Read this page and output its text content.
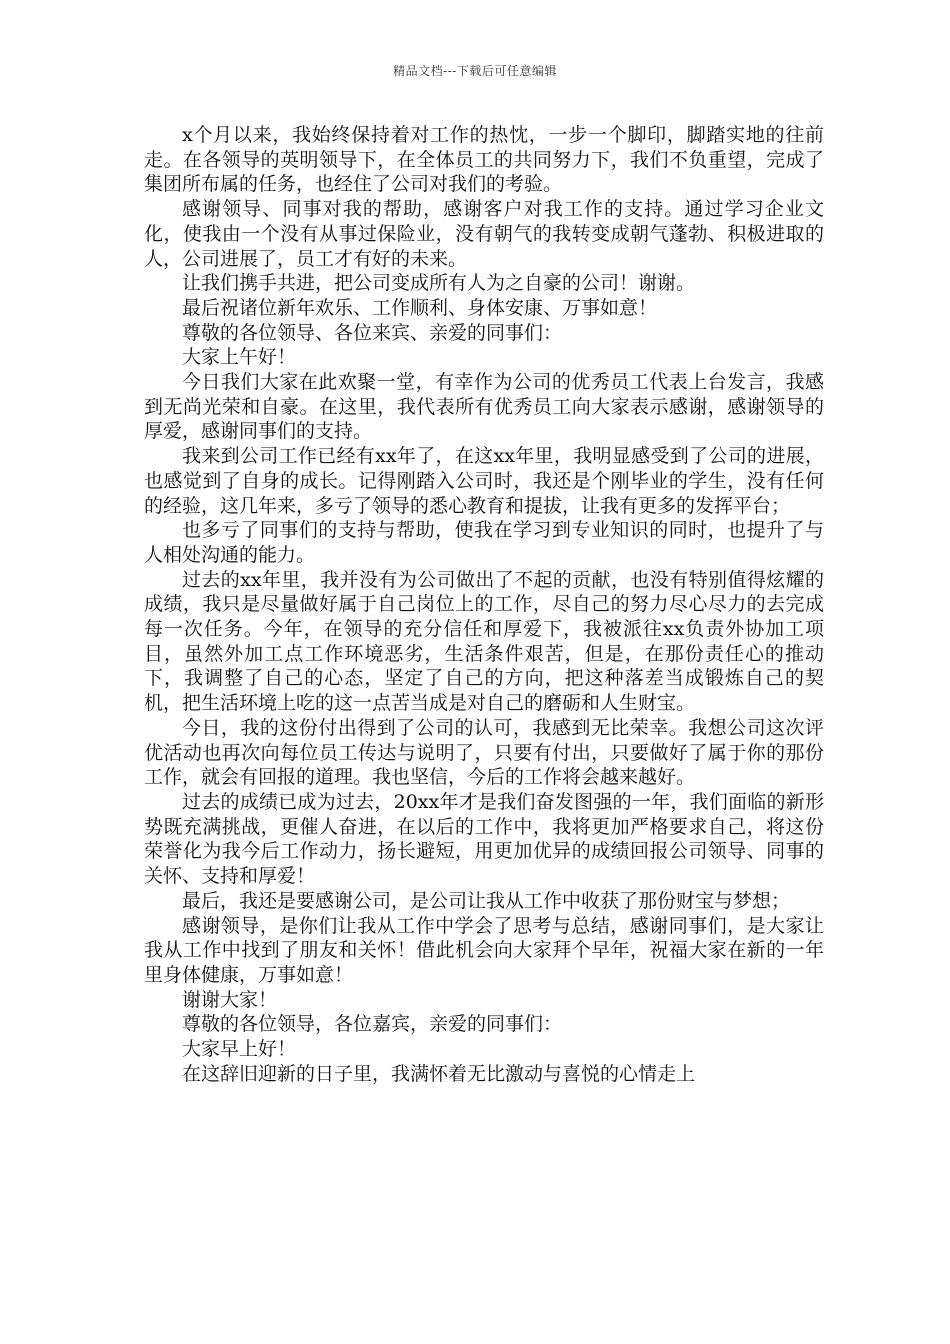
精品文档---下载后可任意编辑

x个月以来，我始终保持着对工作的热忱，一步一个脚印，脚踏实地的往前走。在各领导的英明领导下，在全体员工的共同努力下，我们不负重望，完成了集团所布属的任务，也经住了公司对我们的考验。

感谢领导、同事对我的帮助，感谢客户对我工作的支持。通过学习企业文化，使我由一个没有从事过保险业，没有朝气的我转变成朝气蓬勃、积极进取的人，公司进展了，员工才有好的未来。

让我们携手共进，把公司变成所有人为之自豪的公司！谢谢。

最后祝诸位新年欢乐、工作顺利、身体安康、万事如意！

尊敬的各位领导、各位来宾、亲爱的同事们：

大家上午好！

今日我们大家在此欢聚一堂，有幸作为公司的优秀员工代表上台发言，我感到无尚光荣和自豪。在这里，我代表所有优秀员工向大家表示感谢，感谢领导的厚爱，感谢同事们的支持。

我来到公司工作已经有xx年了，在这xx年里，我明显感受到了公司的进展，也感觉到了自身的成长。记得刚踏入公司时，我还是个刚毕业的学生，没有任何的经验，这几年来，多亏了领导的悉心教育和提拔，让我有更多的发挥平台；

也多亏了同事们的支持与帮助，使我在学习到专业知识的同时，也提升了与人相处沟通的能力。

过去的xx年里，我并没有为公司做出了不起的贡献，也没有特别值得炫耀的成绩，我只是尽量做好属于自己岗位上的工作，尽自己的努力尽心尽力的去完成每一次任务。今年，在领导的充分信任和厚爱下，我被派往xx负责外协加工项目，虽然外加工点工作环境恶劣，生活条件艰苦，但是，在那份责任心的推动下，我调整了自己的心态，坚定了自己的方向，把这种落差当成锻炼自己的契机，把生活环境上吃的这一点苦当成是对自己的磨砺和人生财宝。

今日，我的这份付出得到了公司的认可，我感到无比荣幸。我想公司这次评优活动也再次向每位员工传达与说明了，只要有付出，只要做好了属于你的那份工作，就会有回报的道理。我也坚信，今后的工作将会越来越好。

过去的成绩已成为过去，20xx年才是我们奋发图强的一年，我们面临的新形势既充满挑战，更催人奋进，在以后的工作中，我将更加严格要求自己，将这份荣誉化为我今后工作动力，扬长避短，用更加优异的成绩回报公司领导、同事的关怀、支持和厚爱！

最后，我还是要感谢公司，是公司让我从工作中收获了那份财宝与梦想；

感谢领导，是你们让我从工作中学会了思考与总结，感谢同事们，是大家让我从工作中找到了朋友和关怀！借此机会向大家拜个早年，祝福大家在新的一年里身体健康，万事如意！

谢谢大家！

尊敬的各位领导，各位嘉宾，亲爱的同事们：

大家早上好！

在这辞旧迎新的日子里，我满怀着无比激动与喜悦的心情走上
